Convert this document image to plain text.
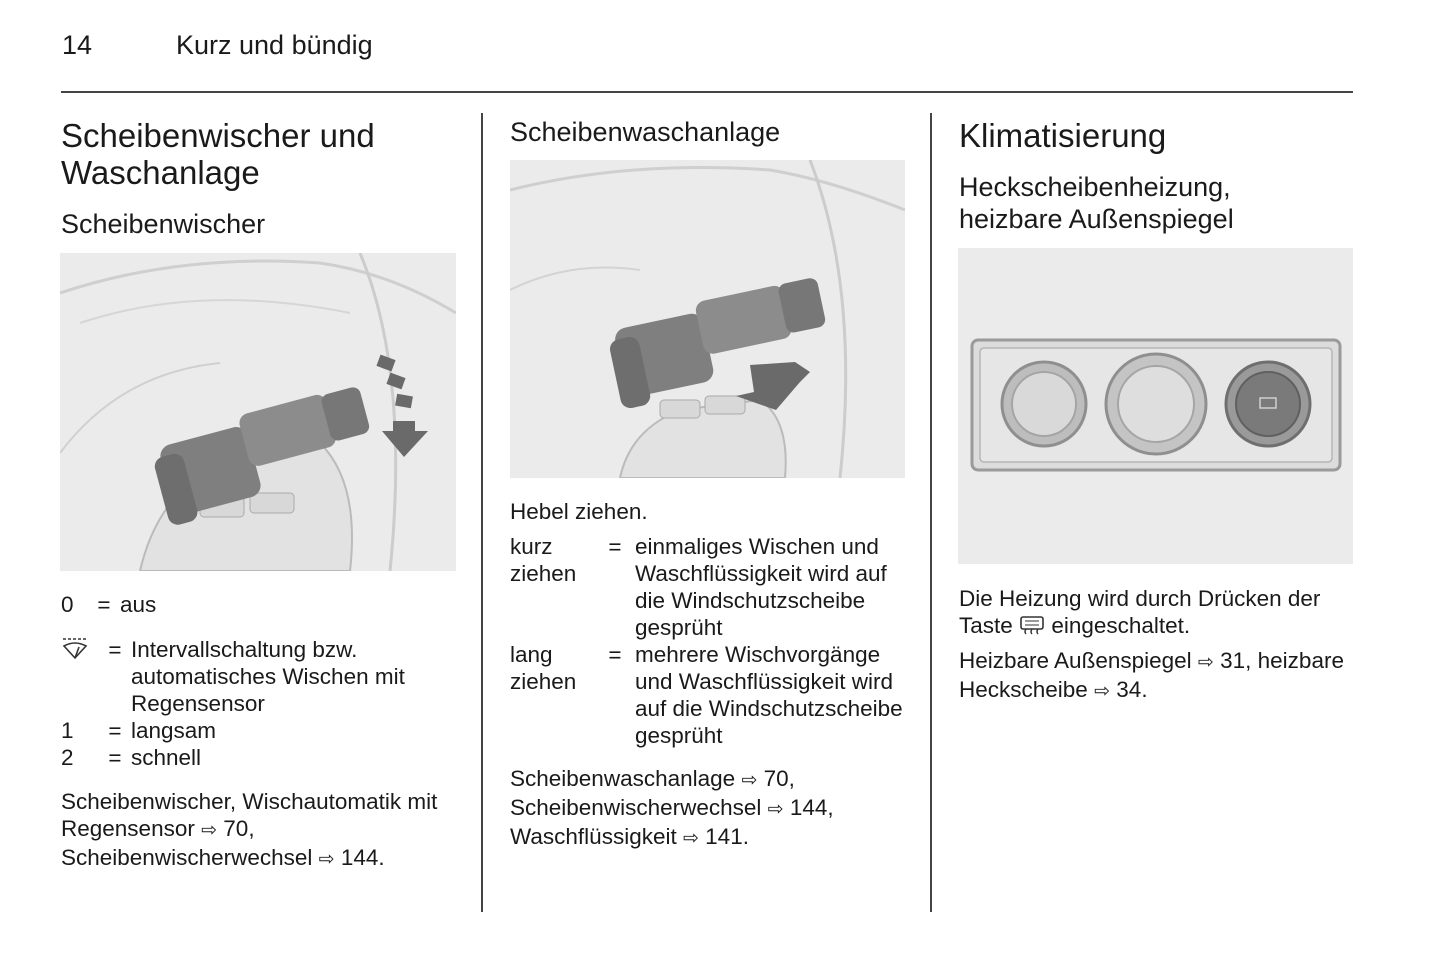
14	Kurz und bündig
Scheibenwischer und Waschanlage
Scheibenwischer
0	= aus
= Intervallschaltung bzw. automatisches Wischen mit Regensensor
1	= langsam
2	= schnell

Scheibenwischer, Wischautomatik mit Regensensor ⇨ 70, Scheibenwischerwechsel ⇨ 144.

Scheibenwaschanlage

Hebel ziehen.

kurz ziehen
= einmaliges Wischen und Waschflüssigkeit wird auf die Windschutzscheibe gesprüht
lang ziehen
= mehrere Wischvorgänge und Waschflüssigkeit wird auf die Windschutzscheibe gesprüht

Scheibenwaschanlage ⇨ 70, Scheibenwischerwechsel ⇨ 144, Waschflüssigkeit ⇨ 141.

Klimatisierung
Heckscheibenheizung, heizbare Außenspiegel

Die Heizung wird durch Drücken der Taste eingeschaltet.

Heizbare Außenspiegel ⇨ 31, heizbare Heckscheibe ⇨ 34.
